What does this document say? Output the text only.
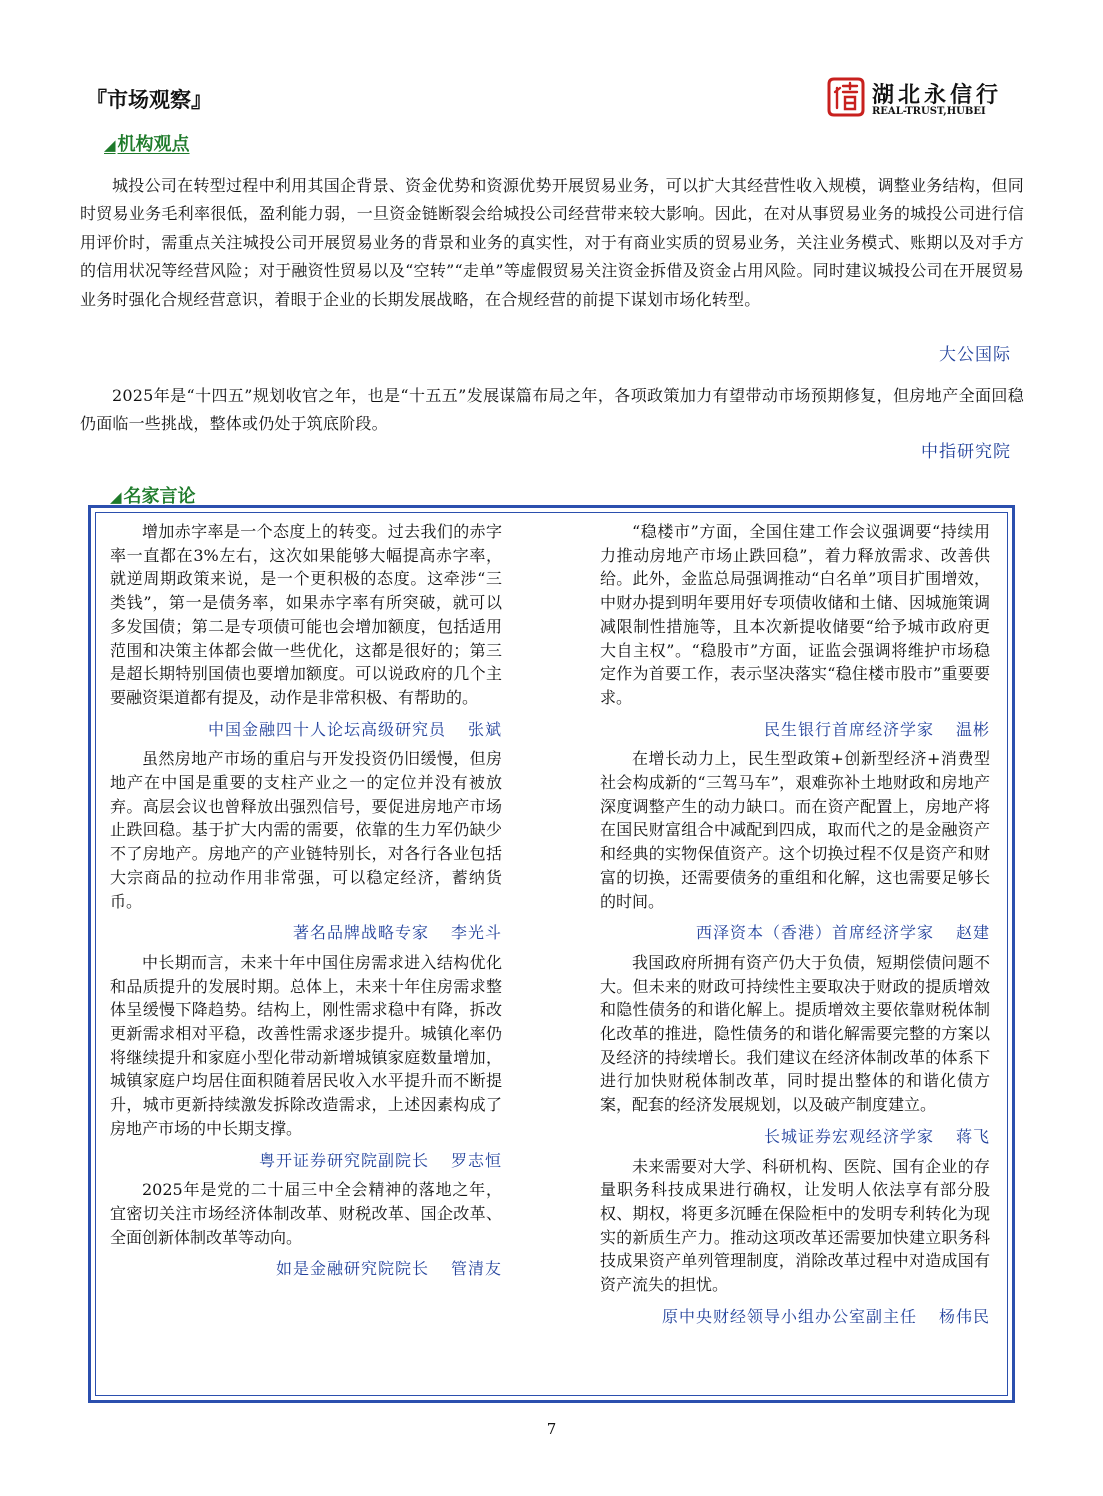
『市场观察』	湖北永信行
REAL-TRUST,HUBEI
◢ 机构观点

城投公司在转型过程中利用其国企背景、资金优势和资源优势开展贸易业务，可以扩大其经营性收入规模，调整业务结构，但同时贸易业务毛利率很低，盈利能力弱，一旦资金链断裂会给城投公司经营带来较大影响。因此，在对从事贸易业务的城投公司进行信用评价时，需重点关注城投公司开展贸易业务的背景和业务的真实性，对于有商业实质的贸易业务，关注业务模式、账期以及对手方的信用状况等经营风险；对于融资性贸易以及“空转”“走单”等虚假贸易关注资金拆借及资金占用风险。同时建议城投公司在开展贸易业务时强化合规经营意识，着眼于企业的长期发展战略，在合规经营的前提下谋划市场化转型。

大公国际

2025年是“十四五”规划收官之年，也是“十五五”发展谋篇布局之年，各项政策加力有望带动市场预期修复，但房地产全面回稳仍面临一些挑战，整体或仍处于筑底阶段。

中指研究院
◢ 名家言论

增加赤字率是一个态度上的转变。过去我们的赤字率一直都在3%左右，这次如果能够大幅提高赤字率，就逆周期政策来说，是一个更积极的态度。这牵涉“三类钱”，第一是债务率，如果赤字率有所突破，就可以多发国债；第二是专项债可能也会增加额度，包括适用范围和决策主体都会做一些优化，这都是很好的；第三是超长期特别国债也要增加额度。可以说政府的几个主要融资渠道都有提及，动作是非常积极、有帮助的。

中国金融四十人论坛高级研究员 张斌

虽然房地产市场的重启与开发投资仍旧缓慢，但房地产在中国是重要的支柱产业之一的定位并没有被放弃。高层会议也曾释放出强烈信号，要促进房地产市场止跌回稳。基于扩大内需的需要，依靠的生力军仍缺少不了房地产。房地产的产业链特别长，对各行各业包括大宗商品的拉动作用非常强，可以稳定经济，蓄纳货币。

著名品牌战略专家 李光斗

中长期而言，未来十年中国住房需求进入结构优化和品质提升的发展时期。总体上，未来十年住房需求整体呈缓慢下降趋势。结构上，刚性需求稳中有降，拆改更新需求相对平稳，改善性需求逐步提升。城镇化率仍将继续提升和家庭小型化带动新增城镇家庭数量增加，城镇家庭户均居住面积随着居民收入水平提升而不断提升，城市更新持续激发拆除改造需求，上述因素构成了房地产市场的中长期支撑。

粤开证券研究院副院长 罗志恒

2025年是党的二十届三中全会精神的落地之年，宜密切关注市场经济体制改革、财税改革、国企改革、全面创新体制改革等动向。

如是金融研究院院长 管清友

“稳楼市”方面，全国住建工作会议强调要“持续用力推动房地产市场止跌回稳”，着力释放需求、改善供给。此外，金监总局强调推动“白名单”项目扩围增效，中财办提到明年要用好专项债收储和土储、因城施策调减限制性措施等，且本次新提收储要“给予城市政府更大自主权”。“稳股市”方面，证监会强调将维护市场稳定作为首要工作，表示坚决落实“稳住楼市股市”重要要求。

民生银行首席经济学家 温彬

在增长动力上，民生型政策+创新型经济+消费型社会构成新的“三驾马车”，艰难弥补土地财政和房地产深度调整产生的动力缺口。而在资产配置上，房地产将在国民财富组合中减配到四成，取而代之的是金融资产和经典的实物保值资产。这个切换过程不仅是资产和财富的切换，还需要债务的重组和化解，这也需要足够长的时间。

西泽资本（香港）首席经济学家 赵建

我国政府所拥有资产仍大于负债，短期偿债问题不大。但未来的财政可持续性主要取决于财政的提质增效和隐性债务的和谐化解上。提质增效主要依靠财税体制化改革的推进，隐性债务的和谐化解需要完整的方案以及经济的持续增长。我们建议在经济体制改革的体系下进行加快财税体制改革，同时提出整体的和谐化债方案，配套的经济发展规划，以及破产制度建立。

长城证券宏观经济学家 蒋飞

未来需要对大学、科研机构、医院、国有企业的存量职务科技成果进行确权，让发明人依法享有部分股权、期权，将更多沉睡在保险柜中的发明专利转化为现实的新质生产力。推动这项改革还需要加快建立职务科技成果资产单列管理制度，消除改革过程中对造成国有资产流失的担忧。

原中央财经领导小组办公室副主任 杨伟民
7
